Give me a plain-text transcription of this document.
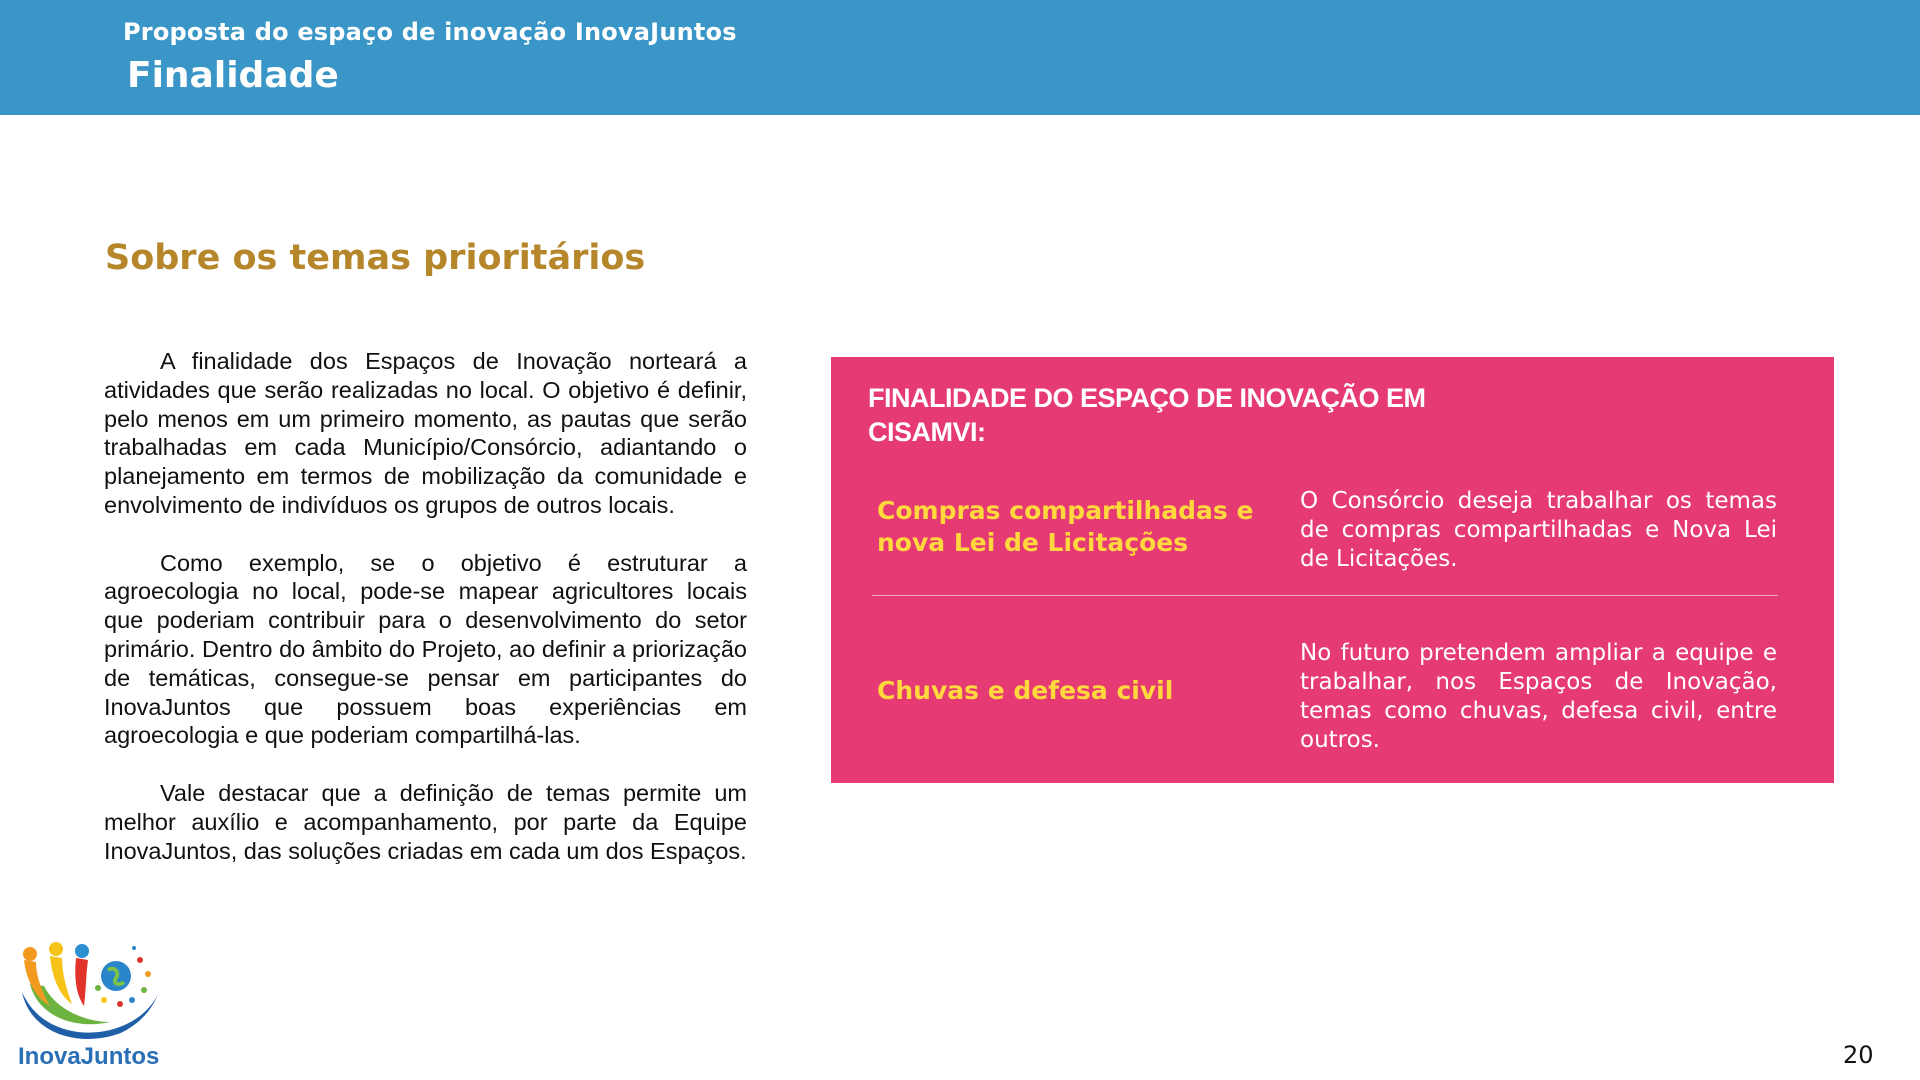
Proposta do espaço de inovação InovaJuntos
Finalidade
Sobre os temas prioritários

A finalidade dos Espaços de Inovação norteará a atividades que serão realizadas no local. O objetivo é definir, pelo menos em um primeiro momento, as pautas que serão trabalhadas em cada Município/Consórcio, adiantando o planejamento em termos de mobilização da comunidade e envolvimento de indivíduos os grupos de outros locais.

Como exemplo, se o objetivo é estruturar a agroecologia no local, pode-se mapear agricultores locais que poderiam contribuir para o desenvolvimento do setor primário. Dentro do âmbito do Projeto, ao definir a priorização de temáticas, consegue-se pensar em participantes do InovaJuntos que possuem boas experiências em agroecologia e que poderiam compartilhá-las.

Vale destacar que a definição de temas permite um melhor auxílio e acompanhamento, por parte da Equipe InovaJuntos, das soluções criadas em cada um dos Espaços.

FINALIDADE DO ESPAÇO DE INOVAÇÃO EM CISAMVI:
Compras compartilhadas e nova Lei de Licitações
O Consórcio deseja trabalhar os temas de compras compartilhadas e Nova Lei de Licitações.
Chuvas e defesa civil
No futuro pretendem ampliar a equipe e trabalhar, nos Espaços de Inovação, temas como chuvas, defesa civil, entre outros.
InovaJuntos	20
